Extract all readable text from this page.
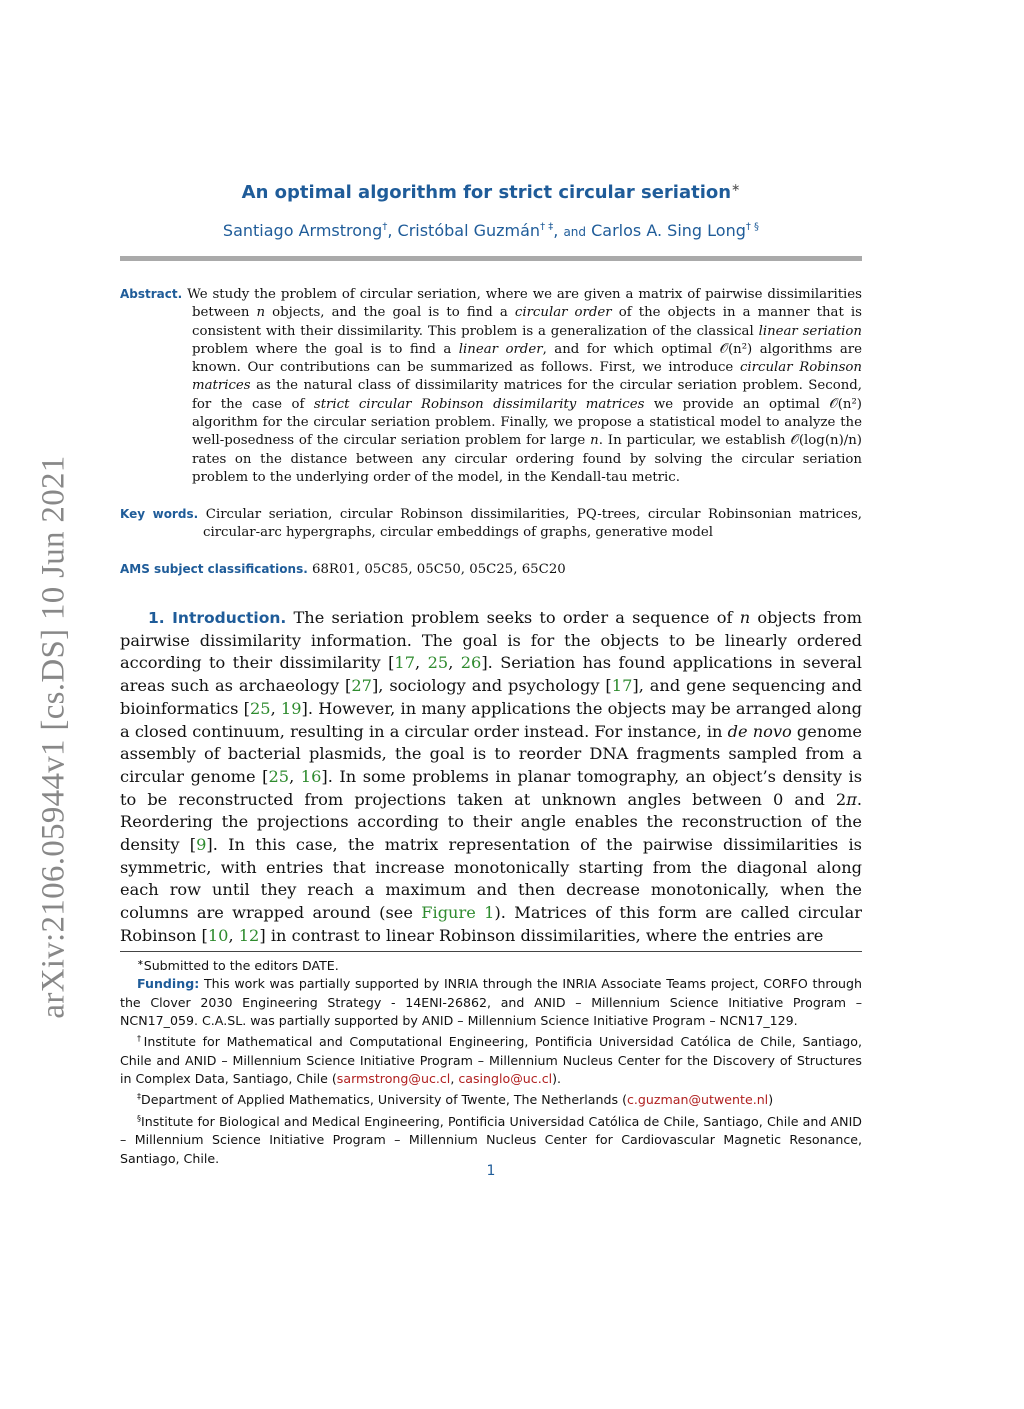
arXiv:2106.05944v1 [cs.DS] 10 Jun 2021
An optimal algorithm for strict circular seriation∗
Santiago Armstrong†, Cristóbal Guzmán† ‡, and Carlos A. Sing Long† §
Abstract. We study the problem of circular seriation, where we are given a matrix of pairwise dissimilarities between n objects, and the goal is to find a circular order of the objects in a manner that is consistent with their dissimilarity. This problem is a generalization of the classical linear seriation problem where the goal is to find a linear order, and for which optimal 𝒪(n²) algorithms are known. Our contributions can be summarized as follows. First, we introduce circular Robinson matrices as the natural class of dissimilarity matrices for the circular seriation problem. Second, for the case of strict circular Robinson dissimilarity matrices we provide an optimal 𝒪(n²) algorithm for the circular seriation problem. Finally, we propose a statistical model to analyze the well-posedness of the circular seriation problem for large n. In particular, we establish 𝒪(log(n)/n) rates on the distance between any circular ordering found by solving the circular seriation problem to the underlying order of the model, in the Kendall-tau metric.
Key words. Circular seriation, circular Robinson dissimilarities, PQ-trees, circular Robinsonian matrices, circular-arc hypergraphs, circular embeddings of graphs, generative model
AMS subject classifications. 68R01, 05C85, 05C50, 05C25, 65C20
1. Introduction. The seriation problem seeks to order a sequence of n objects from pairwise dissimilarity information. The goal is for the objects to be linearly ordered according to their dissimilarity [17, 25, 26]. Seriation has found applications in several areas such as archaeology [27], sociology and psychology [17], and gene sequencing and bioinformatics [25, 19]. However, in many applications the objects may be arranged along a closed continuum, resulting in a circular order instead. For instance, in de novo genome assembly of bacterial plasmids, the goal is to reorder DNA fragments sampled from a circular genome [25, 16]. In some problems in planar tomography, an object’s density is to be reconstructed from projections taken at unknown angles between 0 and 2π. Reordering the projections according to their angle enables the reconstruction of the density [9]. In this case, the matrix representation of the pairwise dissimilarities is symmetric, with entries that increase monotonically starting from the diagonal along each row until they reach a maximum and then decrease monotonically, when the columns are wrapped around (see Figure 1). Matrices of this form are called circular Robinson [10, 12] in contrast to linear Robinson dissimilarities, where the entries are

∗Submitted to the editors DATE.

Funding: This work was partially supported by INRIA through the INRIA Associate Teams project, CORFO through the Clover 2030 Engineering Strategy - 14ENI-26862, and ANID – Millennium Science Initiative Program – NCN17_059. C.A.SL. was partially supported by ANID – Millennium Science Initiative Program – NCN17_129.

†Institute for Mathematical and Computational Engineering, Pontificia Universidad Católica de Chile, Santiago, Chile and ANID – Millennium Science Initiative Program – Millennium Nucleus Center for the Discovery of Structures in Complex Data, Santiago, Chile (sarmstrong@uc.cl, casinglo@uc.cl).

‡Department of Applied Mathematics, University of Twente, The Netherlands (c.guzman@utwente.nl)

§Institute for Biological and Medical Engineering, Pontificia Universidad Católica de Chile, Santiago, Chile and ANID – Millennium Science Initiative Program – Millennium Nucleus Center for Cardiovascular Magnetic Resonance, Santiago, Chile.

1
